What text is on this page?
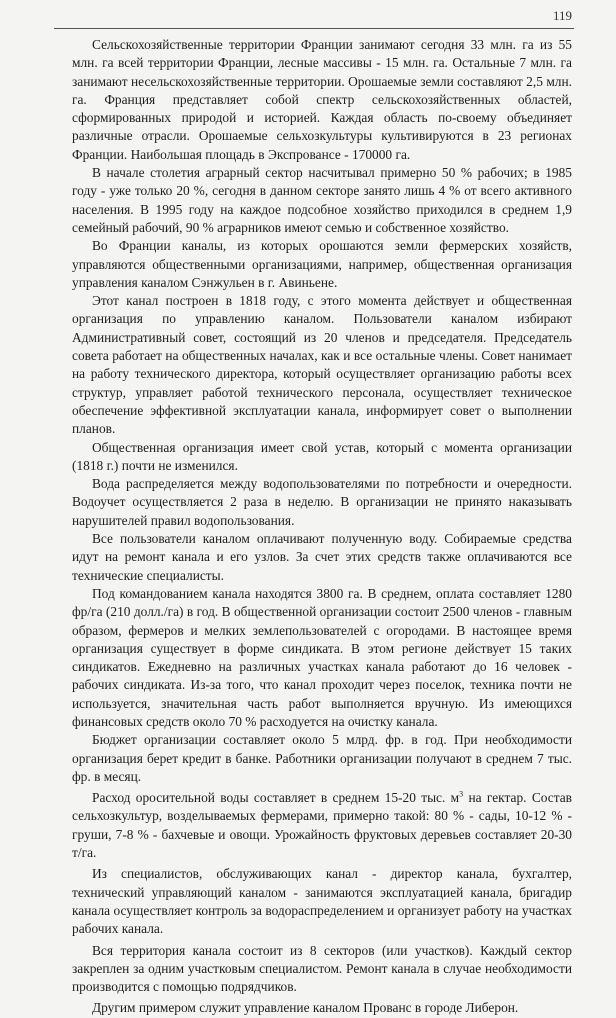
119

Сельскохозяйственные территории Франции занимают сегодня 33 млн. га из 55 млн. га всей территории Франции, лесные массивы - 15 млн. га. Остальные 7 млн. га занимают несельскохозяйственные территории. Орошаемые земли составляют 2,5 млн. га. Франция представляет собой спектр сельскохозяйственных областей, сформированных природой и историей. Каждая область по-своему объединяет различные отрасли. Орошаемые сельхозкультуры культивируются в 23 регионах Франции. Наибольшая площадь в Экспровансе - 170000 га.

В начале столетия аграрный сектор насчитывал примерно 50 % рабочих; в 1985 году - уже только 20 %, сегодня в данном секторе занято лишь 4 % от всего активного населения. В 1995 году на каждое подсобное хозяйство приходился в среднем 1,9 семейный рабочий, 90 % аграрников имеют семью и собственное хозяйство.

Во Франции каналы, из которых орошаются земли фермерских хозяйств, управляются общественными организациями, например, общественная организация управления каналом Сэнжульен в г. Авиньене.

Этот канал построен в 1818 году, с этого момента действует и общественная организация по управлению каналом. Пользователи каналом избирают Административный совет, состоящий из 20 членов и председателя. Председатель совета работает на общественных началах, как и все остальные члены. Совет нанимает на работу технического директора, который осуществляет организацию работы всех структур, управляет работой технического персонала, осуществляет техническое обеспечение эффективной эксплуатации канала, информирует совет о выполнении планов.

Общественная организация имеет свой устав, который с момента организации (1818 г.) почти не изменился.

Вода распределяется между водопользователями по потребности и очередности. Водоучет осуществляется 2 раза в неделю. В организации не принято наказывать нарушителей правил водопользования.

Все пользователи каналом оплачивают полученную воду. Собираемые средства идут на ремонт канала и его узлов. За счет этих средств также оплачиваются все технические специалисты.

Под командованием канала находятся 3800 га. В среднем, оплата составляет 1280 фр/га (210 долл./га) в год. В общественной организации состоит 2500 членов - главным образом, фермеров и мелких землепользователей с огородами. В настоящее время организация существует в форме синдиката. В этом регионе действует 15 таких синдикатов. Ежедневно на различных участках канала работают до 16 человек - рабочих синдиката. Из-за того, что канал проходит через поселок, техника почти не используется, значительная часть работ выполняется вручную. Из имеющихся финансовых средств около 70 % расходуется на очистку канала.

Бюджет организации составляет около 5 млрд. фр. в год. При необходимости организация берет кредит в банке. Работники организации получают в среднем 7 тыс. фр. в месяц.

Расход оросительной воды составляет в среднем 15-20 тыс. $м^3$ на гектар. Состав сельхозкультур, возделываемых фермерами, примерно такой: 80 % - сады, 10-12 % - груши, 7-8 % - бахчевые и овощи. Урожайность фруктовых деревьев составляет 20-30 т/га.

Из специалистов, обслуживающих канал - директор канала, бухгалтер, технический управляющий каналом - занимаются эксплуатацией канала, бригадир канала осуществляет контроль за водораспределением и организует работу на участках рабочих канала.

Вся территория канала состоит из 8 секторов (или участков). Каждый сектор закреплен за одним участковым специалистом. Ремонт канала в случае необходимости производится с помощью подрядчиков.

Другим примером служит управление каналом Прованс в городе Либерон.
